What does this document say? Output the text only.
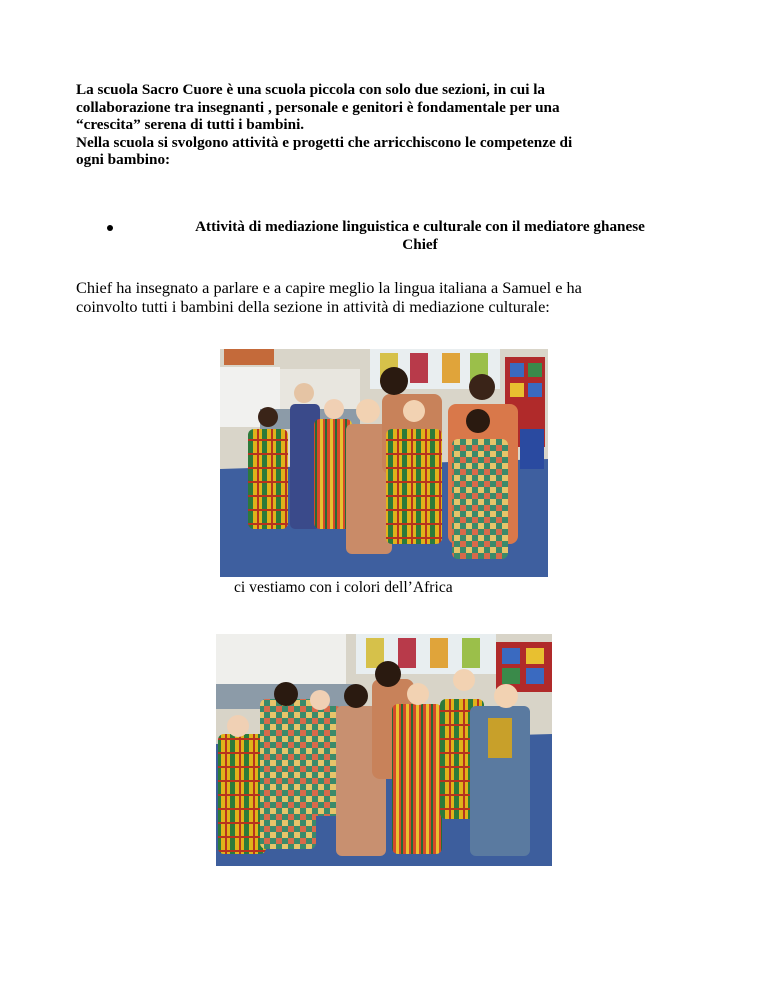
La scuola Sacro Cuore è una scuola piccola con solo due sezioni, in cui la

collaborazione tra insegnanti , personale e genitori è fondamentale per una

“crescita” serena di tutti i bambini.

Nella scuola si svolgono attività e progetti che arricchiscono le competenze di

ogni bambino:

Attività di mediazione linguistica e culturale con il mediatore ghanese
Chief
Chief ha insegnato a parlare e a capire meglio la lingua italiana a Samuel e ha
coinvolto tutti i bambini della sezione in attività di mediazione culturale:
ci vestiamo con i colori dell’Africa
